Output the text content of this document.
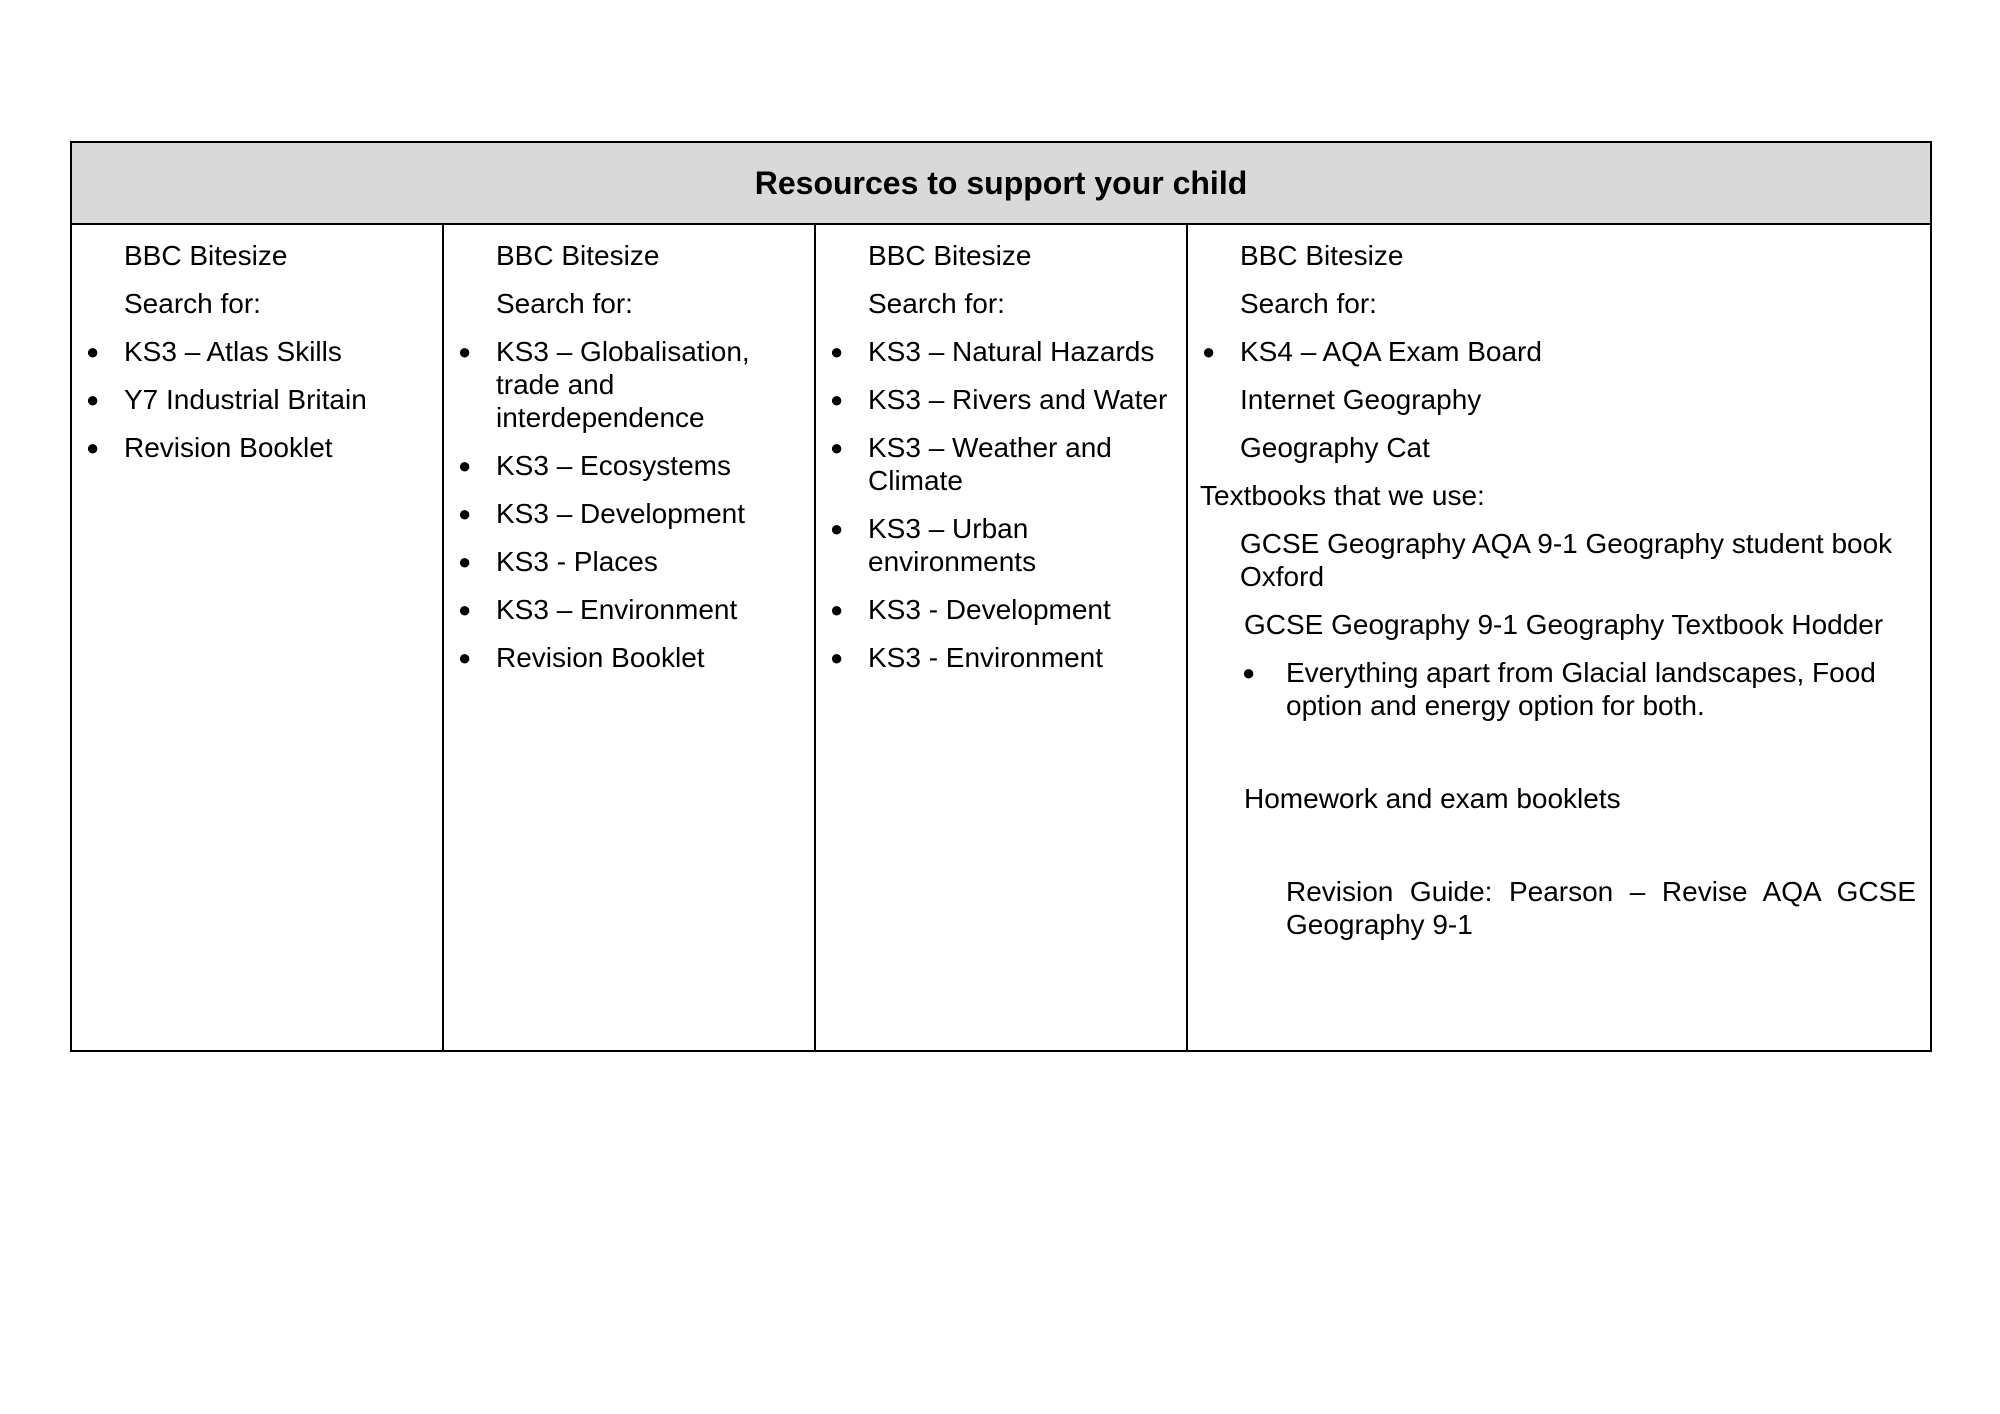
Resources to support your child
BBC Bitesize
Search for:
● KS3 – Atlas Skills
● Y7 Industrial Britain
● Revision Booklet
BBC Bitesize
Search for:
● KS3 – Globalisation, trade and interdependence
● KS3 – Ecosystems
● KS3 – Development
● KS3 - Places
● KS3 – Environment
● Revision Booklet
BBC Bitesize
Search for:
● KS3 – Natural Hazards
● KS3 – Rivers and Water
● KS3 – Weather and Climate
● KS3 – Urban environments
● KS3 - Development
● KS3 - Environment
BBC Bitesize
Search for:
● KS4 – AQA Exam Board
Internet Geography
Geography Cat
Textbooks that we use:
GCSE Geography AQA 9-1 Geography student book Oxford
GCSE Geography 9-1 Geography Textbook Hodder
● Everything apart from Glacial landscapes, Food option and energy option for both.
Homework and exam booklets
Revision Guide: Pearson – Revise AQA GCSE Geography 9-1
